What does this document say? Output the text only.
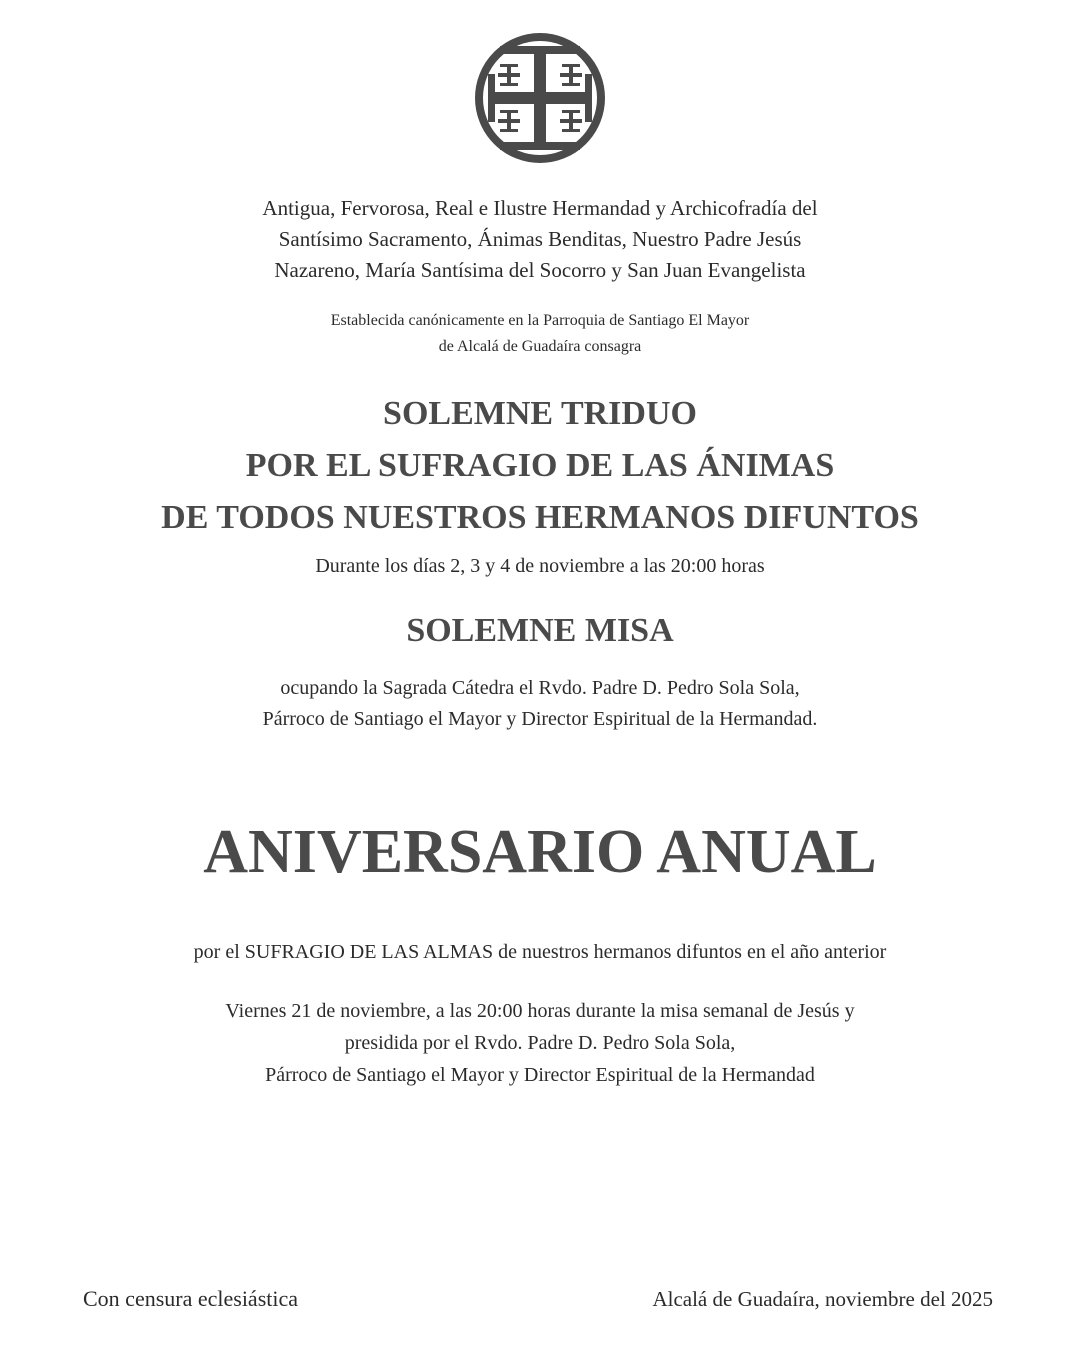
Antigua, Fervorosa, Real e Ilustre Hermandad y Archicofradía del
Santísimo Sacramento, Ánimas Benditas, Nuestro Padre Jesús
Nazareno, María Santísima del Socorro y San Juan Evangelista
Establecida canónicamente en la Parroquia de Santiago El Mayor
de Alcalá de Guadaíra consagra
SOLEMNE TRIDUO
POR EL SUFRAGIO DE LAS ÁNIMAS
DE TODOS NUESTROS HERMANOS DIFUNTOS
Durante los días 2, 3 y 4 de noviembre a las 20:00 horas
SOLEMNE MISA
ocupando la Sagrada Cátedra el Rvdo. Padre D. Pedro Sola Sola,
Párroco de Santiago el Mayor y Director Espiritual de la Hermandad.
ANIVERSARIO ANUAL
por el SUFRAGIO DE LAS ALMAS de nuestros hermanos difuntos en el año anterior
Viernes 21 de noviembre, a las 20:00 horas durante la misa semanal de Jesús y
presidida por el Rvdo. Padre D. Pedro Sola Sola,
Párroco de Santiago el Mayor y Director Espiritual de la Hermandad
Con censura eclesiástica	Alcalá de Guadaíra, noviembre del 2025
